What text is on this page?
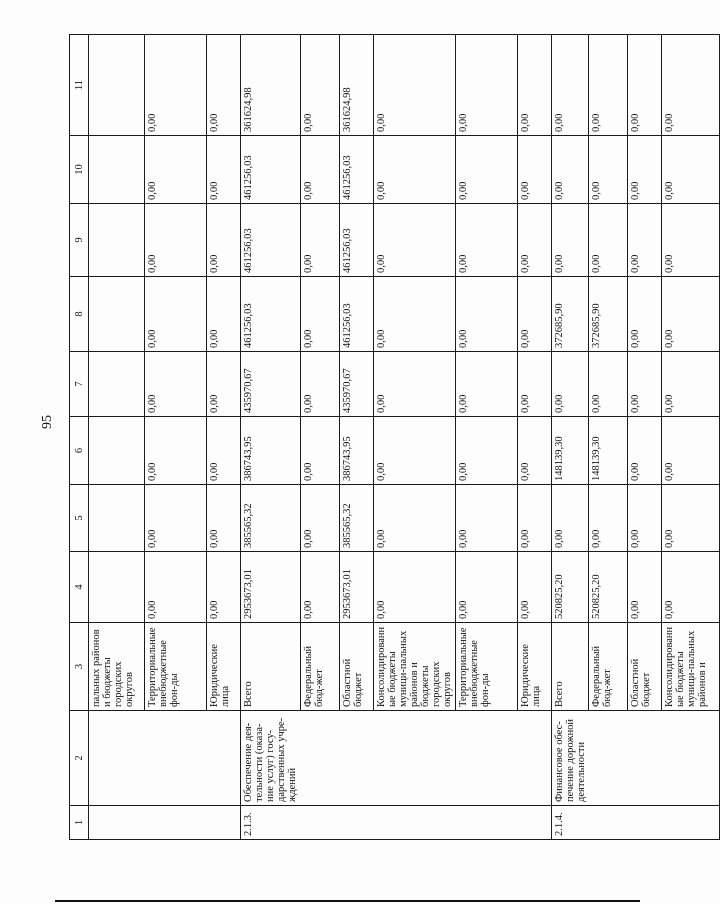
95
1	2	3	4	5	6	7	8	9	10	11
		пальных районов и бюджеты городских округов								
		Территориальные внебюджетные фон-ды	0,00	0,00	0,00	0,00	0,00	0,00	0,00	0,00
		Юридические лица	0,00	0,00	0,00	0,00	0,00	0,00	0,00	0,00
2.1.3.	Обеспечение дея-тельности (оказа-ние услуг) госу-дарственных учре-ждений	Всего	2953673,01	385565,32	386743,95	435970,67	461256,03	461256,03	461256,03	361624,98
		Федеральный бюд-жет	0,00	0,00	0,00	0,00	0,00	0,00	0,00	0,00
		Областной бюджет	2953673,01	385565,32	386743,95	435970,67	461256,03	461256,03	461256,03	361624,98
		Консолидированные бюджеты муници-пальных районов и бюджеты городских округов	0,00	0,00	0,00	0,00	0,00	0,00	0,00	0,00
		Территориальные внебюджетные фон-ды	0,00	0,00	0,00	0,00	0,00	0,00	0,00	0,00
		Юридические лица	0,00	0,00	0,00	0,00	0,00	0,00	0,00	0,00
2.1.4.	Финансовое обес-печение дорожной деятельности	Всего	520825,20	0,00	148139,30	0,00	372685,90	0,00	0,00	0,00
		Федеральный бюд-жет	520825,20	0,00	148139,30	0,00	372685,90	0,00	0,00	0,00
		Областной бюджет	0,00	0,00	0,00	0,00	0,00	0,00	0,00	0,00
		Консолидированные бюджеты муници-пальных районов и	0,00	0,00	0,00	0,00	0,00	0,00	0,00	0,00
